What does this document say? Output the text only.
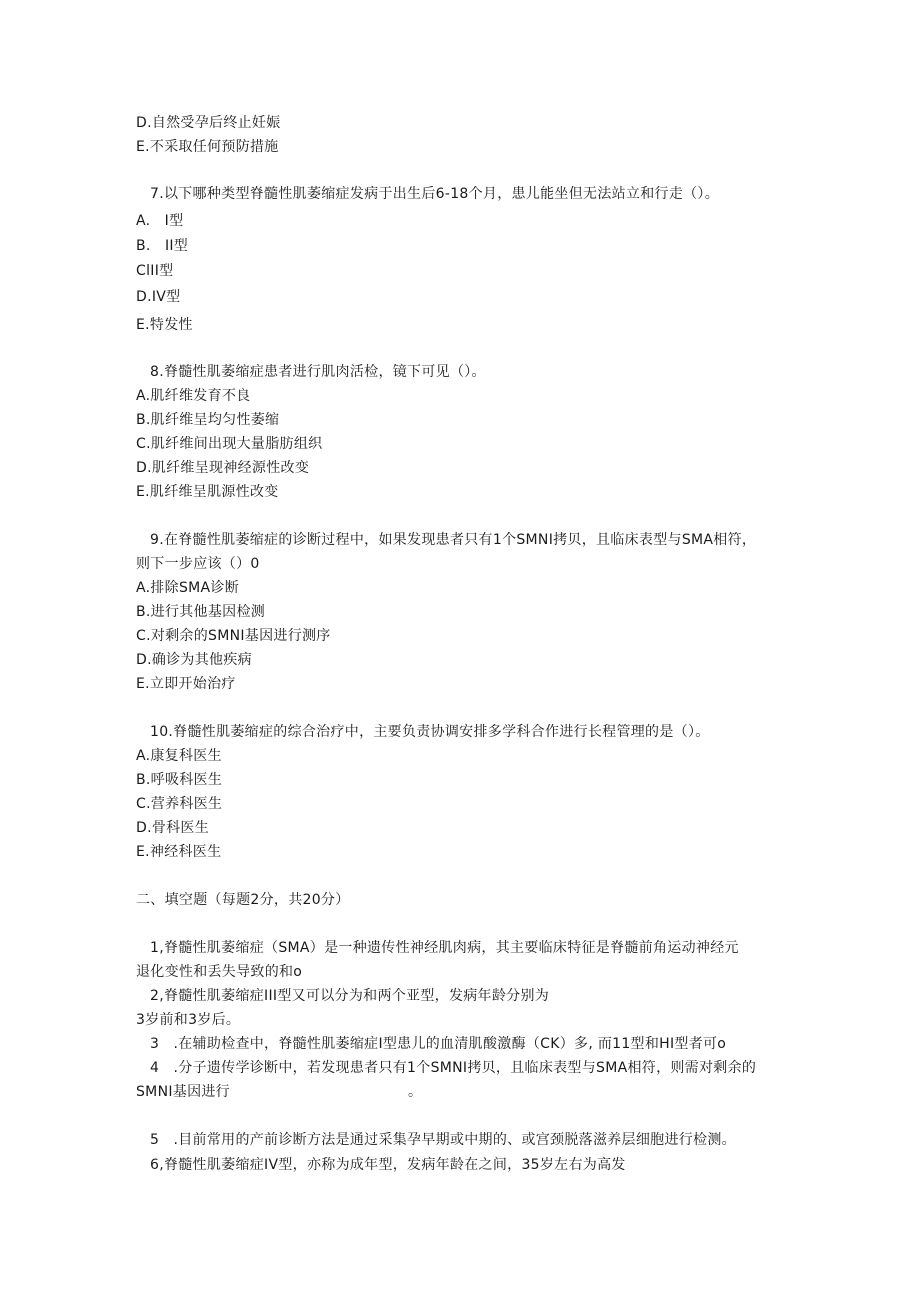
D.自然受孕后终止妊娠
E.不采取任何预防措施
7.以下哪种类型脊髓性肌萎缩症发病于出生后6-18个月，患儿能坐但无法站立和行走（）。
A.　I型
B.　II型
ClII型
D.IV型
E.特发性
8.脊髓性肌萎缩症患者进行肌肉活检，镜下可见（）。
A.肌纤维发育不良
B.肌纤维呈均匀性萎缩
C.肌纤维间出现大量脂肪组织
D.肌纤维呈现神经源性改变
E.肌纤维呈肌源性改变
9.在脊髓性肌萎缩症的诊断过程中，如果发现患者只有1个SMNI拷贝，且临床表型与SMA相符，
则下一步应该（）0
A.排除SMA诊断
B.进行其他基因检测
C.对剩余的SMNI基因进行测序
D.确诊为其他疾病
E.立即开始治疗
10.脊髓性肌萎缩症的综合治疗中，主要负责协调安排多学科合作进行长程管理的是（）。
A.康复科医生
B.呼吸科医生
C.营养科医生
D.骨科医生
E.神经科医生
二、填空题（每题2分，共20分）
1,脊髓性肌萎缩症（SMA）是一种遗传性神经肌肉病，其主要临床特征是脊髓前角运动神经元
退化变性和丢失导致的和o
2,脊髓性肌萎缩症III型又可以分为和两个亚型，发病年龄分别为
3岁前和3岁后。
3　.在辅助检查中，脊髓性肌萎缩症I型患儿的血清肌酸激酶（CK）多, 而11型和HI型者可o
4　.分子遗传学诊断中，若发现患者只有1个SMNI拷贝，且临床表型与SMA相符，则需对剩余的
SMNI基因进行	。
5　.目前常用的产前诊断方法是通过采集孕早期或中期的、或宫颈脱落滋养层细胞进行检测。
6,脊髓性肌萎缩症IV型，亦称为成年型，发病年龄在之间，35岁左右为高发
